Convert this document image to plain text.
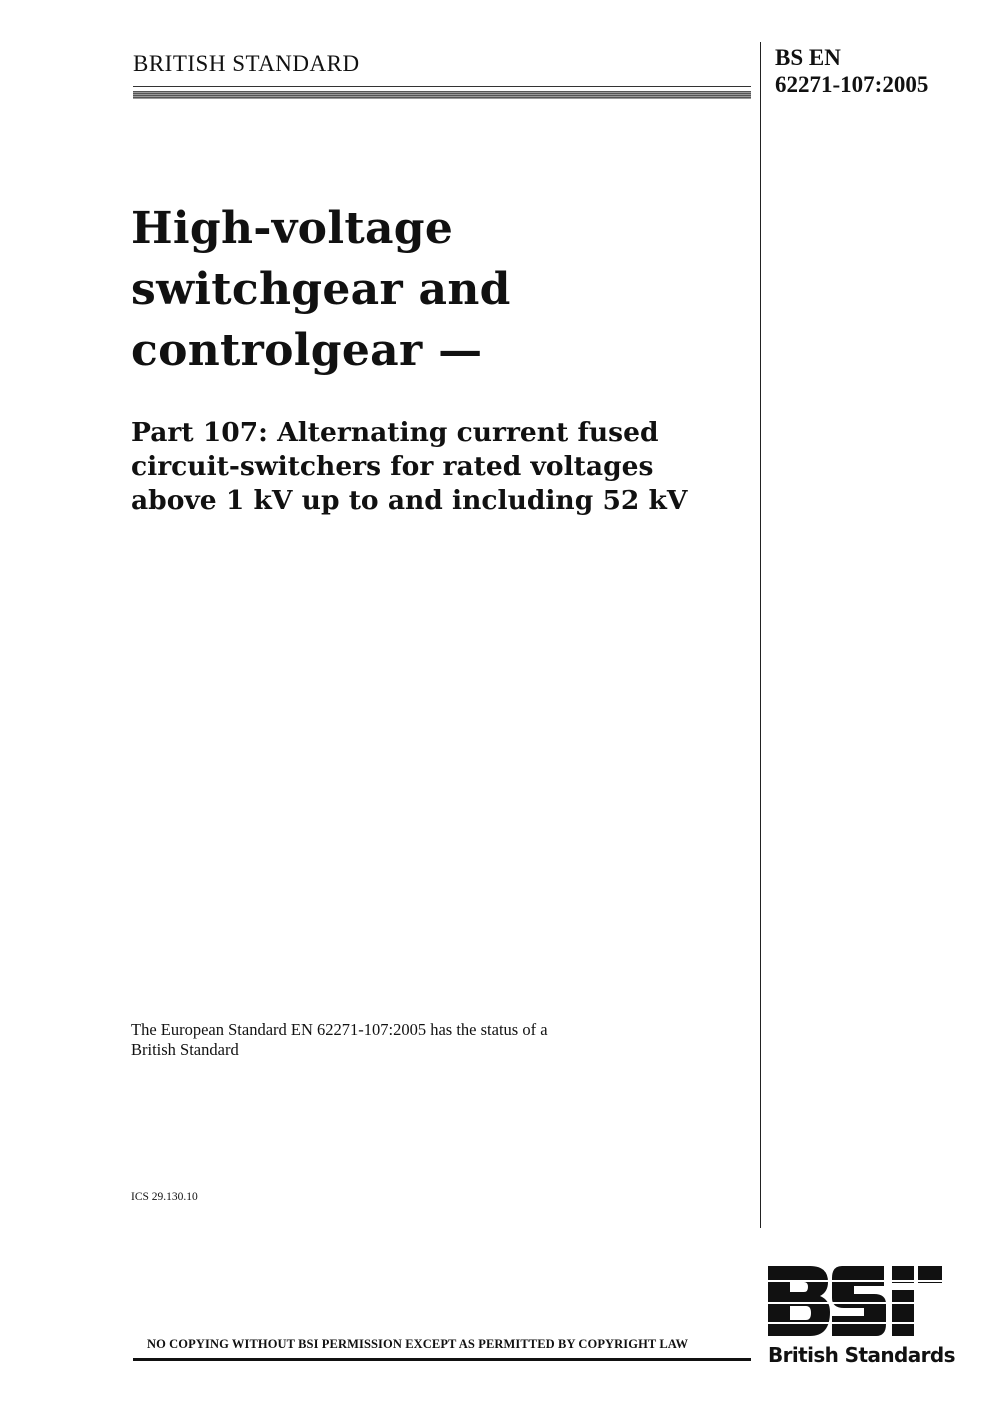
BRITISH STANDARD	BS EN
62271-107:2005
High-voltage
switchgear and
controlgear —
Part 107: Alternating current fused
circuit-switchers for rated voltages
above 1 kV up to and including 52 kV
The European Standard EN 62271-107:2005 has the status of a
British Standard
ICS 29.130.10
NO COPYING WITHOUT BSI PERMISSION EXCEPT AS PERMITTED BY COPYRIGHT LAW	British Standards
